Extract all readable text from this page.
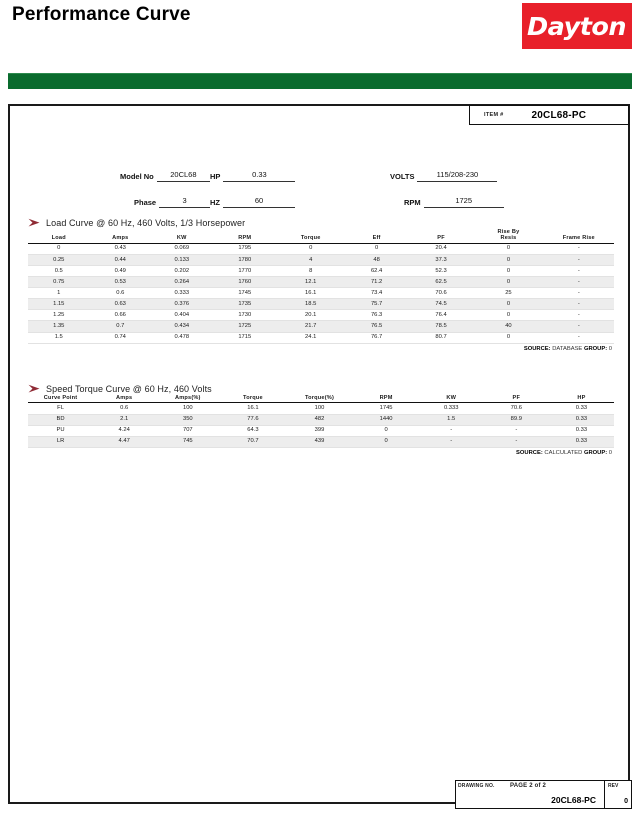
Performance Curve	Dayton
ITEM #	20CL68-PC
Model No	20CL68	HP	0.33	VOLTS	115/208-230
Phase	3	HZ	60	RPM	1725
Load Curve @ 60 Hz, 460 Volts, 1/3 Horsepower
Load	Amps	KW	RPM	Torque	Eff	PF	Rise By
Resis	Frame Rise
0	0.43	0.069	1795	0	0	20.4	0	-
0.25	0.44	0.133	1780	4	48	37.3	0	-
0.5	0.49	0.202	1770	8	62.4	52.3	0	-
0.75	0.53	0.264	1760	12.1	71.2	62.5	0	-
1	0.6	0.333	1745	16.1	73.4	70.6	25	-
1.15	0.63	0.376	1735	18.5	75.7	74.5	0	-
1.25	0.66	0.404	1730	20.1	76.3	76.4	0	-
1.35	0.7	0.434	1725	21.7	76.5	78.5	40	-
1.5	0.74	0.478	1715	24.1	76.7	80.7	0	-
SOURCE: DATABASE GROUP: 0
Speed Torque Curve @ 60 Hz, 460 Volts
Curve Point	Amps	Amps(%)	Torque	Torque(%)	RPM	KW	PF	HP
FL	0.6	100	16.1	100	1745	0.333	70.6	0.33
BD	2.1	350	77.6	482	1440	1.5	89.9	0.33
PU	4.24	707	64.3	399	0	-	-	0.33
LR	4.47	745	70.7	439	0	-	-	0.33
SOURCE: CALCULATED GROUP: 0
DRAWING NO.	PAGE 2 of 2
20CL68-PC
REV
0
